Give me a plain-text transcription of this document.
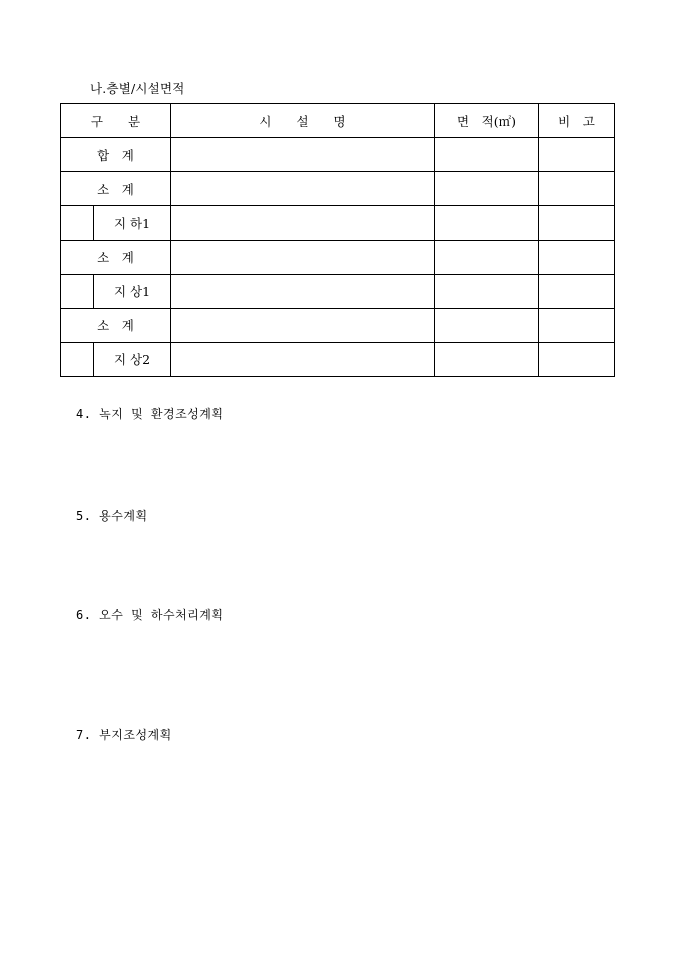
나.층별/시설면적
구　　분		시　　설　　명	면　적(㎡)	비　고
합　계				
소　계				
	지 하1			
소　계				
	지 상1			
소　계				
	지 상2			
4. 녹지 및 환경조성계획
5. 용수계획
6. 오수 및 하수처리계획
7. 부지조성계획
